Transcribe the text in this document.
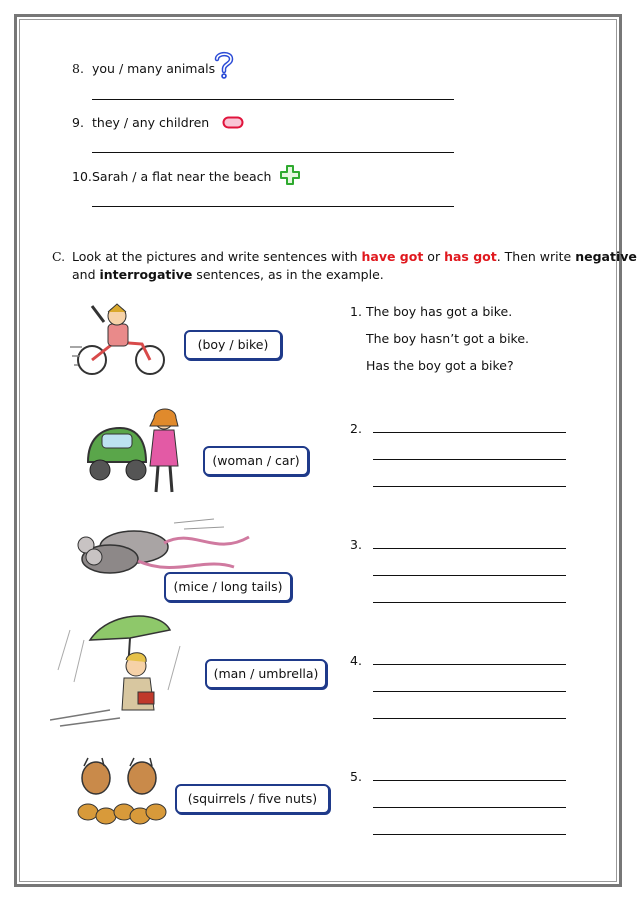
8. you / many animals
9. they / any children
10. Sarah / a flat near the beach
C. Look at the pictures and write sentences with have got or has got. Then write negative
and interrogative sentences, as in the example.
(boy / bike)
1. The boy has got a bike.
The boy hasn’t got a bike.
Has the boy got a bike?
(woman / car)
(mice / long tails)
2.
3.
(man / umbrella)
4.
(squirrels / five nuts)
5.
